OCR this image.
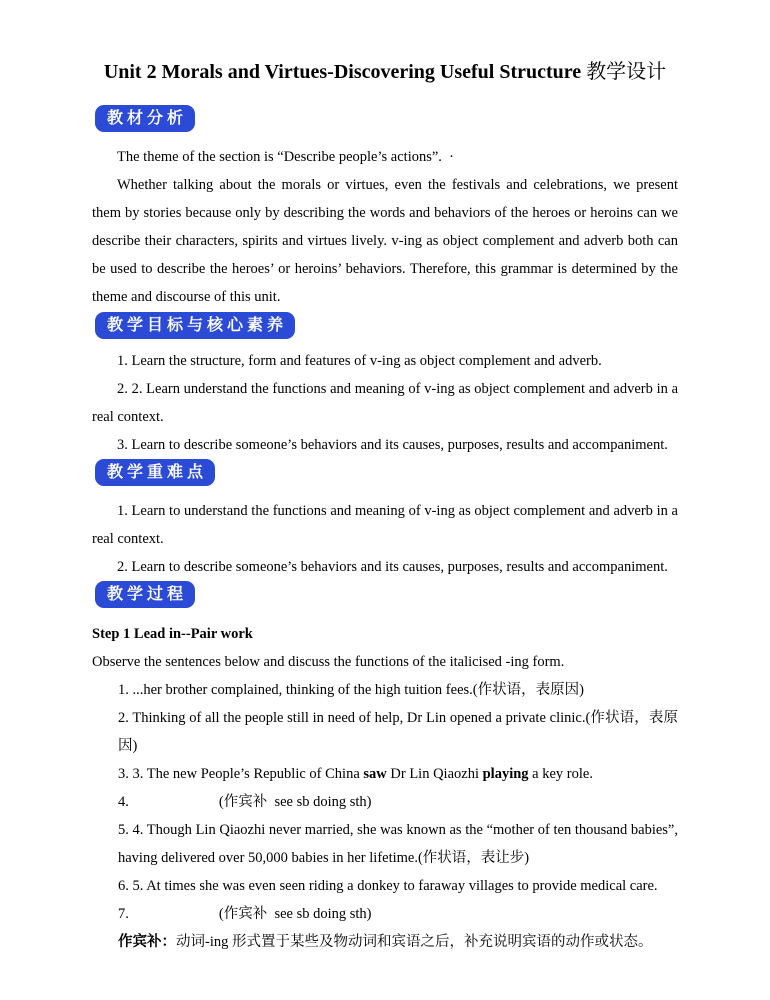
Unit 2 Morals and Virtues-Discovering Useful Structure 教学设计
教材分析

The theme of the section is “Describe people’s actions”.  ·

Whether talking about the morals or virtues, even the festivals and celebrations, we present them by stories because only by describing the words and behaviors of the heroes or heroins can we describe their characters, spirits and virtues lively. v-ing as object complement and adverb both can be used to describe the heroes’ or heroins’ behaviors. Therefore, this grammar is determined by the theme and discourse of this unit.

教学目标与核心素养

1. Learn the structure, form and features of v-ing as object complement and adverb.

2. 2. Learn understand the functions and meaning of v-ing as object complement and adverb in a real context.

3. Learn to describe someone’s behaviors and its causes, purposes, results and accompaniment.

教学重难点

1. Learn to understand the functions and meaning of v-ing as object complement and adverb in a real context.

2. Learn to describe someone’s behaviors and its causes, purposes, results and accompaniment.

教学过程

Step 1 Lead in--Pair work

Observe the sentences below and discuss the functions of the italicised -ing form.

1. ...her brother complained, thinking of the high tuition fees.(作状语，表原因)

2. Thinking of all the people still in need of help, Dr Lin opened a private clinic.(作状语，表原因)

3. 3. The new People’s Republic of China saw Dr Lin Qiaozhi playing a key role.

4.	(作宾补  see sb doing sth)

5. 4. Though Lin Qiaozhi never married, she was known as the “mother of ten thousand babies”, having delivered over 50,000 babies in her lifetime.(作状语，表让步)

6. 5. At times she was even seen riding a donkey to faraway villages to provide medical care.

7.	(作宾补  see sb doing sth)

作宾补：动词-ing 形式置于某些及物动词和宾语之后，补充说明宾语的动作或状态。
